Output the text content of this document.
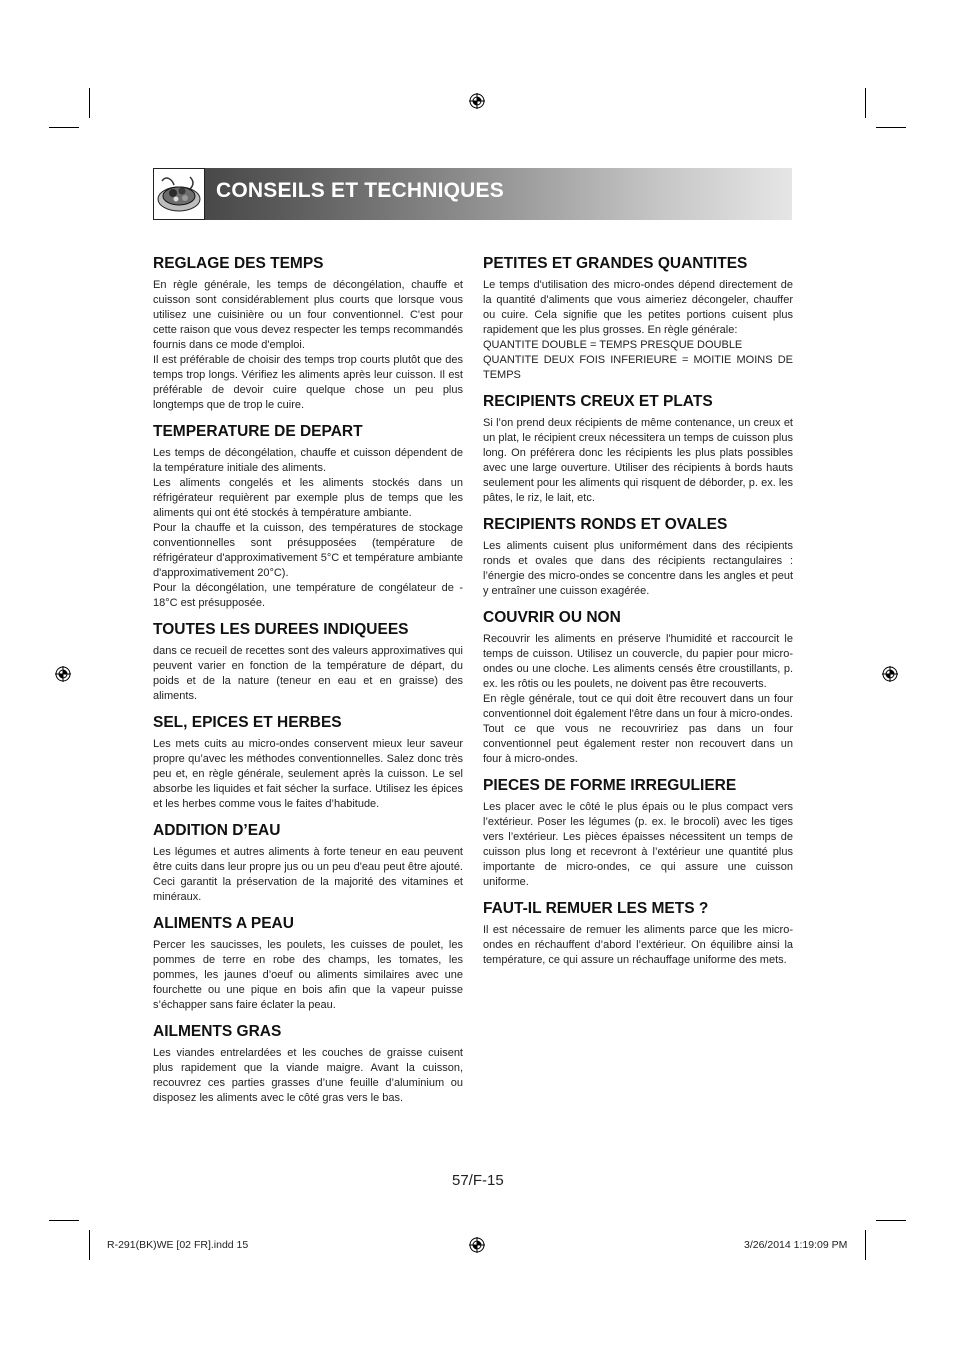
CONSEILS ET TECHNIQUES
REGLAGE DES TEMPS

En règle générale, les temps de décongélation, chauffe et cuisson sont considérablement plus courts que lorsque vous utilisez une cuisinière ou un four conventionnel. C'est pour cette raison que vous devez respecter les temps recommandés fournis dans ce mode d'emploi.

Il est préférable de choisir des temps trop courts plutôt que des temps trop longs. Vérifiez les aliments après leur cuisson. Il est préférable de devoir cuire quelque chose un peu plus longtemps que de trop le cuire.

TEMPERATURE DE DEPART

Les temps de décongélation, chauffe et cuisson dépendent de la température initiale des aliments.

Les aliments congelés et les aliments stockés dans un réfrigérateur requièrent par exemple plus de temps que les aliments qui ont été stockés à température ambiante.

Pour la chauffe et la cuisson, des températures de stockage conventionnelles sont présupposées (température de réfrigérateur d'approximativement 5°C et température ambiante d'approximativement 20°C).

Pour la décongélation, une température de congélateur de - 18°C est présupposée.

TOUTES LES DUREES INDIQUEES

dans ce recueil de recettes sont des valeurs approximatives qui peuvent varier en fonction de la température de départ, du poids et de la nature (teneur en eau et en graisse) des aliments.

SEL, EPICES ET HERBES

Les mets cuits au micro-ondes conservent mieux leur saveur propre qu’avec les méthodes conventionnelles. Salez donc très peu et, en règle générale, seulement après la cuisson. Le sel absorbe les liquides et fait sécher la surface. Utilisez les épices et les herbes comme vous le faites d’habitude.

ADDITION D’EAU

Les légumes et autres aliments à forte teneur en eau peuvent être cuits dans leur propre jus ou un peu d'eau peut être ajouté. Ceci garantit la préservation de la majorité des vitamines et minéraux.

ALIMENTS A PEAU

Percer les saucisses, les poulets, les cuisses de poulet, les pommes de terre en robe des champs, les tomates, les pommes, les jaunes d’oeuf ou aliments similaires avec une fourchette ou une pique en bois afin que la vapeur puisse s’échapper sans faire éclater la peau.

AILMENTS GRAS

Les viandes entrelardées et les couches de graisse cuisent plus rapidement que la viande maigre. Avant la cuisson, recouvrez ces parties grasses d’une feuille d’aluminium ou disposez les aliments avec le côté gras vers le bas.

PETITES ET GRANDES QUANTITES

Le temps d'utilisation des micro-ondes dépend directement de la quantité d'aliments que vous aimeriez décongeler, chauffer ou cuire. Cela signifie que les petites portions cuisent plus rapidement que les plus grosses. En règle générale:

QUANTITE DOUBLE = TEMPS PRESQUE DOUBLE

QUANTITE DEUX FOIS INFERIEURE = MOITIE MOINS DE TEMPS

RECIPIENTS CREUX ET PLATS

Si l’on prend deux récipients de même contenance, un creux et un plat, le récipient creux nécessitera un temps de cuisson plus long. On préférera donc les récipients les plus plats possibles avec une large ouverture. Utiliser des récipients à bords hauts seulement pour les aliments qui risquent de déborder, p. ex. les pâtes, le riz, le lait, etc.

RECIPIENTS RONDS ET OVALES

Les aliments cuisent plus uniformément dans des récipients ronds et ovales que dans des récipients rectangulaires : l’énergie des micro-ondes se concentre dans les angles et peut y entraîner une cuisson exagérée.

COUVRIR OU NON

Recouvrir les aliments en préserve l'humidité et raccourcit le temps de cuisson. Utilisez un couvercle, du papier pour micro-ondes ou une cloche. Les aliments censés être croustillants, p. ex. les rôtis ou les poulets, ne doivent pas être recouverts.

En règle générale, tout ce qui doit être recouvert dans un four conventionnel doit également l'être dans un four à micro-ondes. Tout ce que vous ne recouvririez pas dans un four conventionnel peut également rester non recouvert dans un four à micro-ondes.

PIECES DE FORME IRREGULIERE

Les placer avec le côté le plus épais ou le plus compact vers l’extérieur. Poser les légumes (p. ex. le brocoli) avec les tiges vers l’extérieur. Les pièces épaisses nécessitent un temps de cuisson plus long et recevront à l’extérieur une quantité plus importante de micro-ondes, ce qui assure une cuisson uniforme.

FAUT-IL REMUER LES METS ?

Il est nécessaire de remuer les aliments parce que les micro-ondes en réchauffent d’abord l’extérieur. On équilibre ainsi la température, ce qui assure un réchauffage uniforme des mets.

57/F-15
R-291(BK)WE [02 FR].indd 15	3/26/2014 1:19:09 PM
